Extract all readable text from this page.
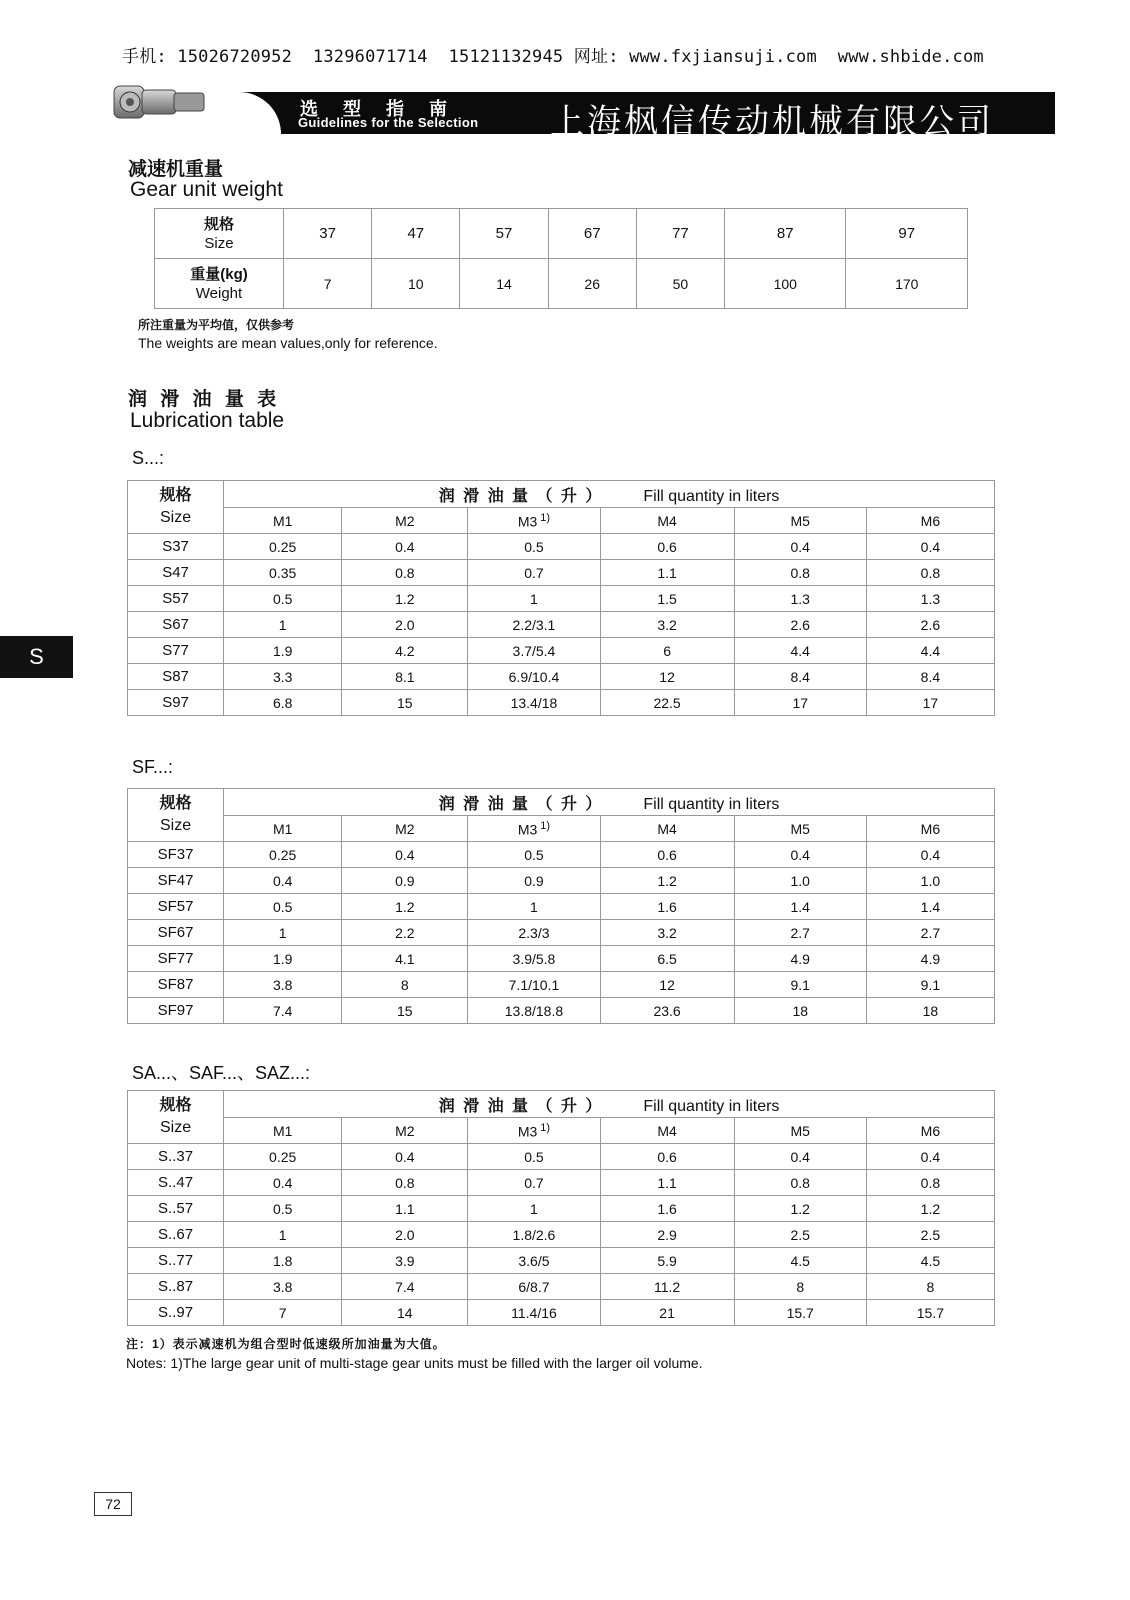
手机: 15026720952  13296071714  15121132945 网址: www.fxjiansuji.com  www.shbide.com
选 型 指 南
Guidelines for the Selection 上海枫信传动机械有限公司
减速机重量
Gear unit weight
规格
Size	37	47	57	67	77	87	97

重量(kg)
Weight	7	10	14	26	50	100	170
所注重量为平均值，仅供参考
The weights are mean values,only for reference.
润 滑 油 量 表
Lubrication table
S...:
规格
Size	润 滑 油 量 （ 升 ） Fill quantity in liters					
	M1	M2	M3 $^{1)}$	M4	M5	M6
S37	0.25	0.4	0.5	0.6	0.4	0.4
S47	0.35	0.8	0.7	1.1	0.8	0.8
S57	0.5	1.2	1	1.5	1.3	1.3
S67	1	2.0	2.2/3.1	3.2	2.6	2.6
S77	1.9	4.2	3.7/5.4	6	4.4	4.4
S87	3.3	8.1	6.9/10.4	12	8.4	8.4
S97	6.8	15	13.4/18	22.5	17	17
SF...:
规格
Size	润 滑 油 量 （ 升 ） Fill quantity in liters					
	M1	M2	M3 $^{1)}$	M4	M5	M6
SF37	0.25	0.4	0.5	0.6	0.4	0.4
SF47	0.4	0.9	0.9	1.2	1.0	1.0
SF57	0.5	1.2	1	1.6	1.4	1.4
SF67	1	2.2	2.3/3	3.2	2.7	2.7
SF77	1.9	4.1	3.9/5.8	6.5	4.9	4.9
SF87	3.8	8	7.1/10.1	12	9.1	9.1
SF97	7.4	15	13.8/18.8	23.6	18	18
SA...、SAF...、SAZ...:
规格
Size	润 滑 油 量 （ 升 ） Fill quantity in liters					
	M1	M2	M3 $^{1)}$	M4	M5	M6
S..37	0.25	0.4	0.5	0.6	0.4	0.4
S..47	0.4	0.8	0.7	1.1	0.8	0.8
S..57	0.5	1.1	1	1.6	1.2	1.2
S..67	1	2.0	1.8/2.6	2.9	2.5	2.5
S..77	1.8	3.9	3.6/5	5.9	4.5	4.5
S..87	3.8	7.4	6/8.7	11.2	8	8
S..97	7	14	11.4/16	21	15.7	15.7
注：1）表示减速机为组合型时低速级所加油量为大值。
Notes: 1)The large gear unit of multi-stage gear units must be filled with the larger oil volume.
S
72
